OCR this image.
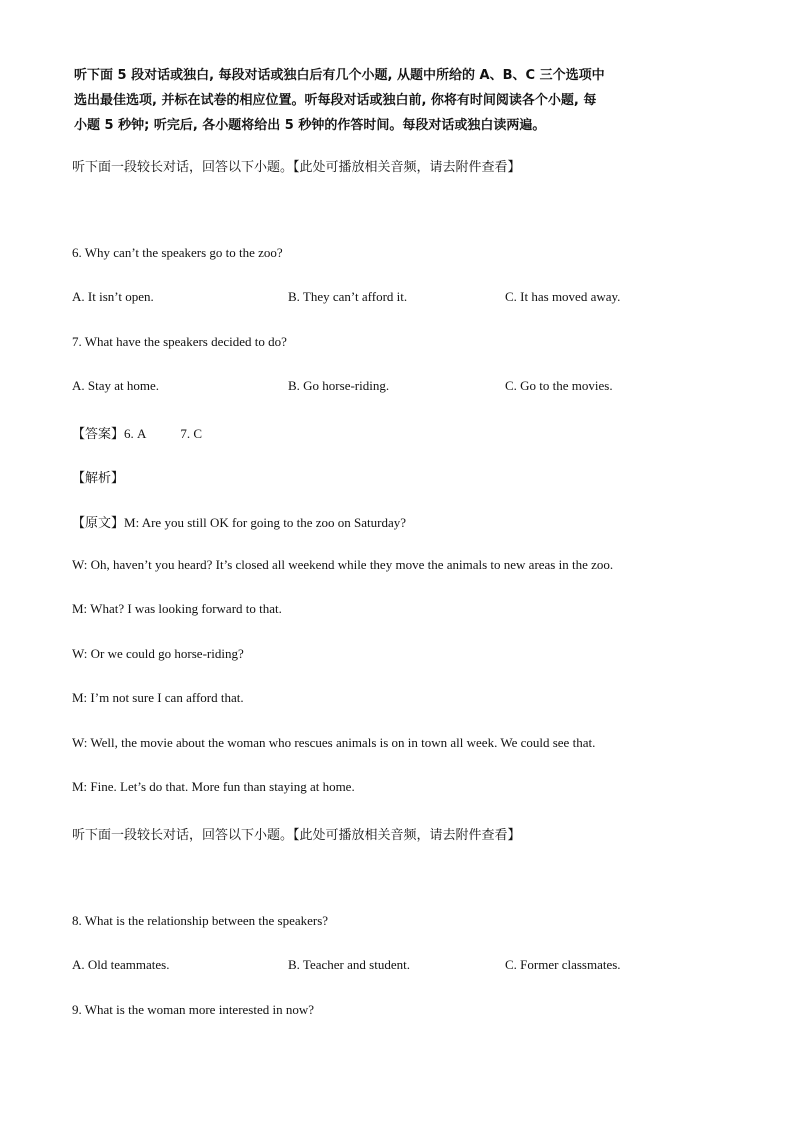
听下面 5 段对话或独白, 每段对话或独白后有几个小题, 从题中所给的 A、B、C 三个选项中
选出最佳选项, 并标在试卷的相应位置。听每段对话或独白前, 你将有时间阅读各个小题, 每
小题 5 秒钟; 听完后, 各小题将给出 5 秒钟的作答时间。每段对话或独白读两遍。
听下面一段较长对话，回答以下小题。【此处可播放相关音频，请去附件查看】
6. Why can’t the speakers go to the zoo?
A. It isn’t open.	B. They can’t afford it.	C. It has moved away.
7. What have the speakers decided to do?
A. Stay at home.	B. Go horse-riding.	C. Go to the movies.
【答案】6. A	7. C
【解析】
【原文】M: Are you still OK for going to the zoo on Saturday?
W: Oh, haven’t you heard? It’s closed all weekend while they move the animals to new areas in the zoo.
M: What? I was looking forward to that.
W: Or we could go horse-riding?
M: I’m not sure I can afford that.
W: Well, the movie about the woman who rescues animals is on in town all week. We could see that.
M: Fine. Let’s do that. More fun than staying at home.
听下面一段较长对话，回答以下小题。【此处可播放相关音频，请去附件查看】
8. What is the relationship between the speakers?
A. Old teammates.	B. Teacher and student.	C. Former classmates.
9. What is the woman more interested in now?
